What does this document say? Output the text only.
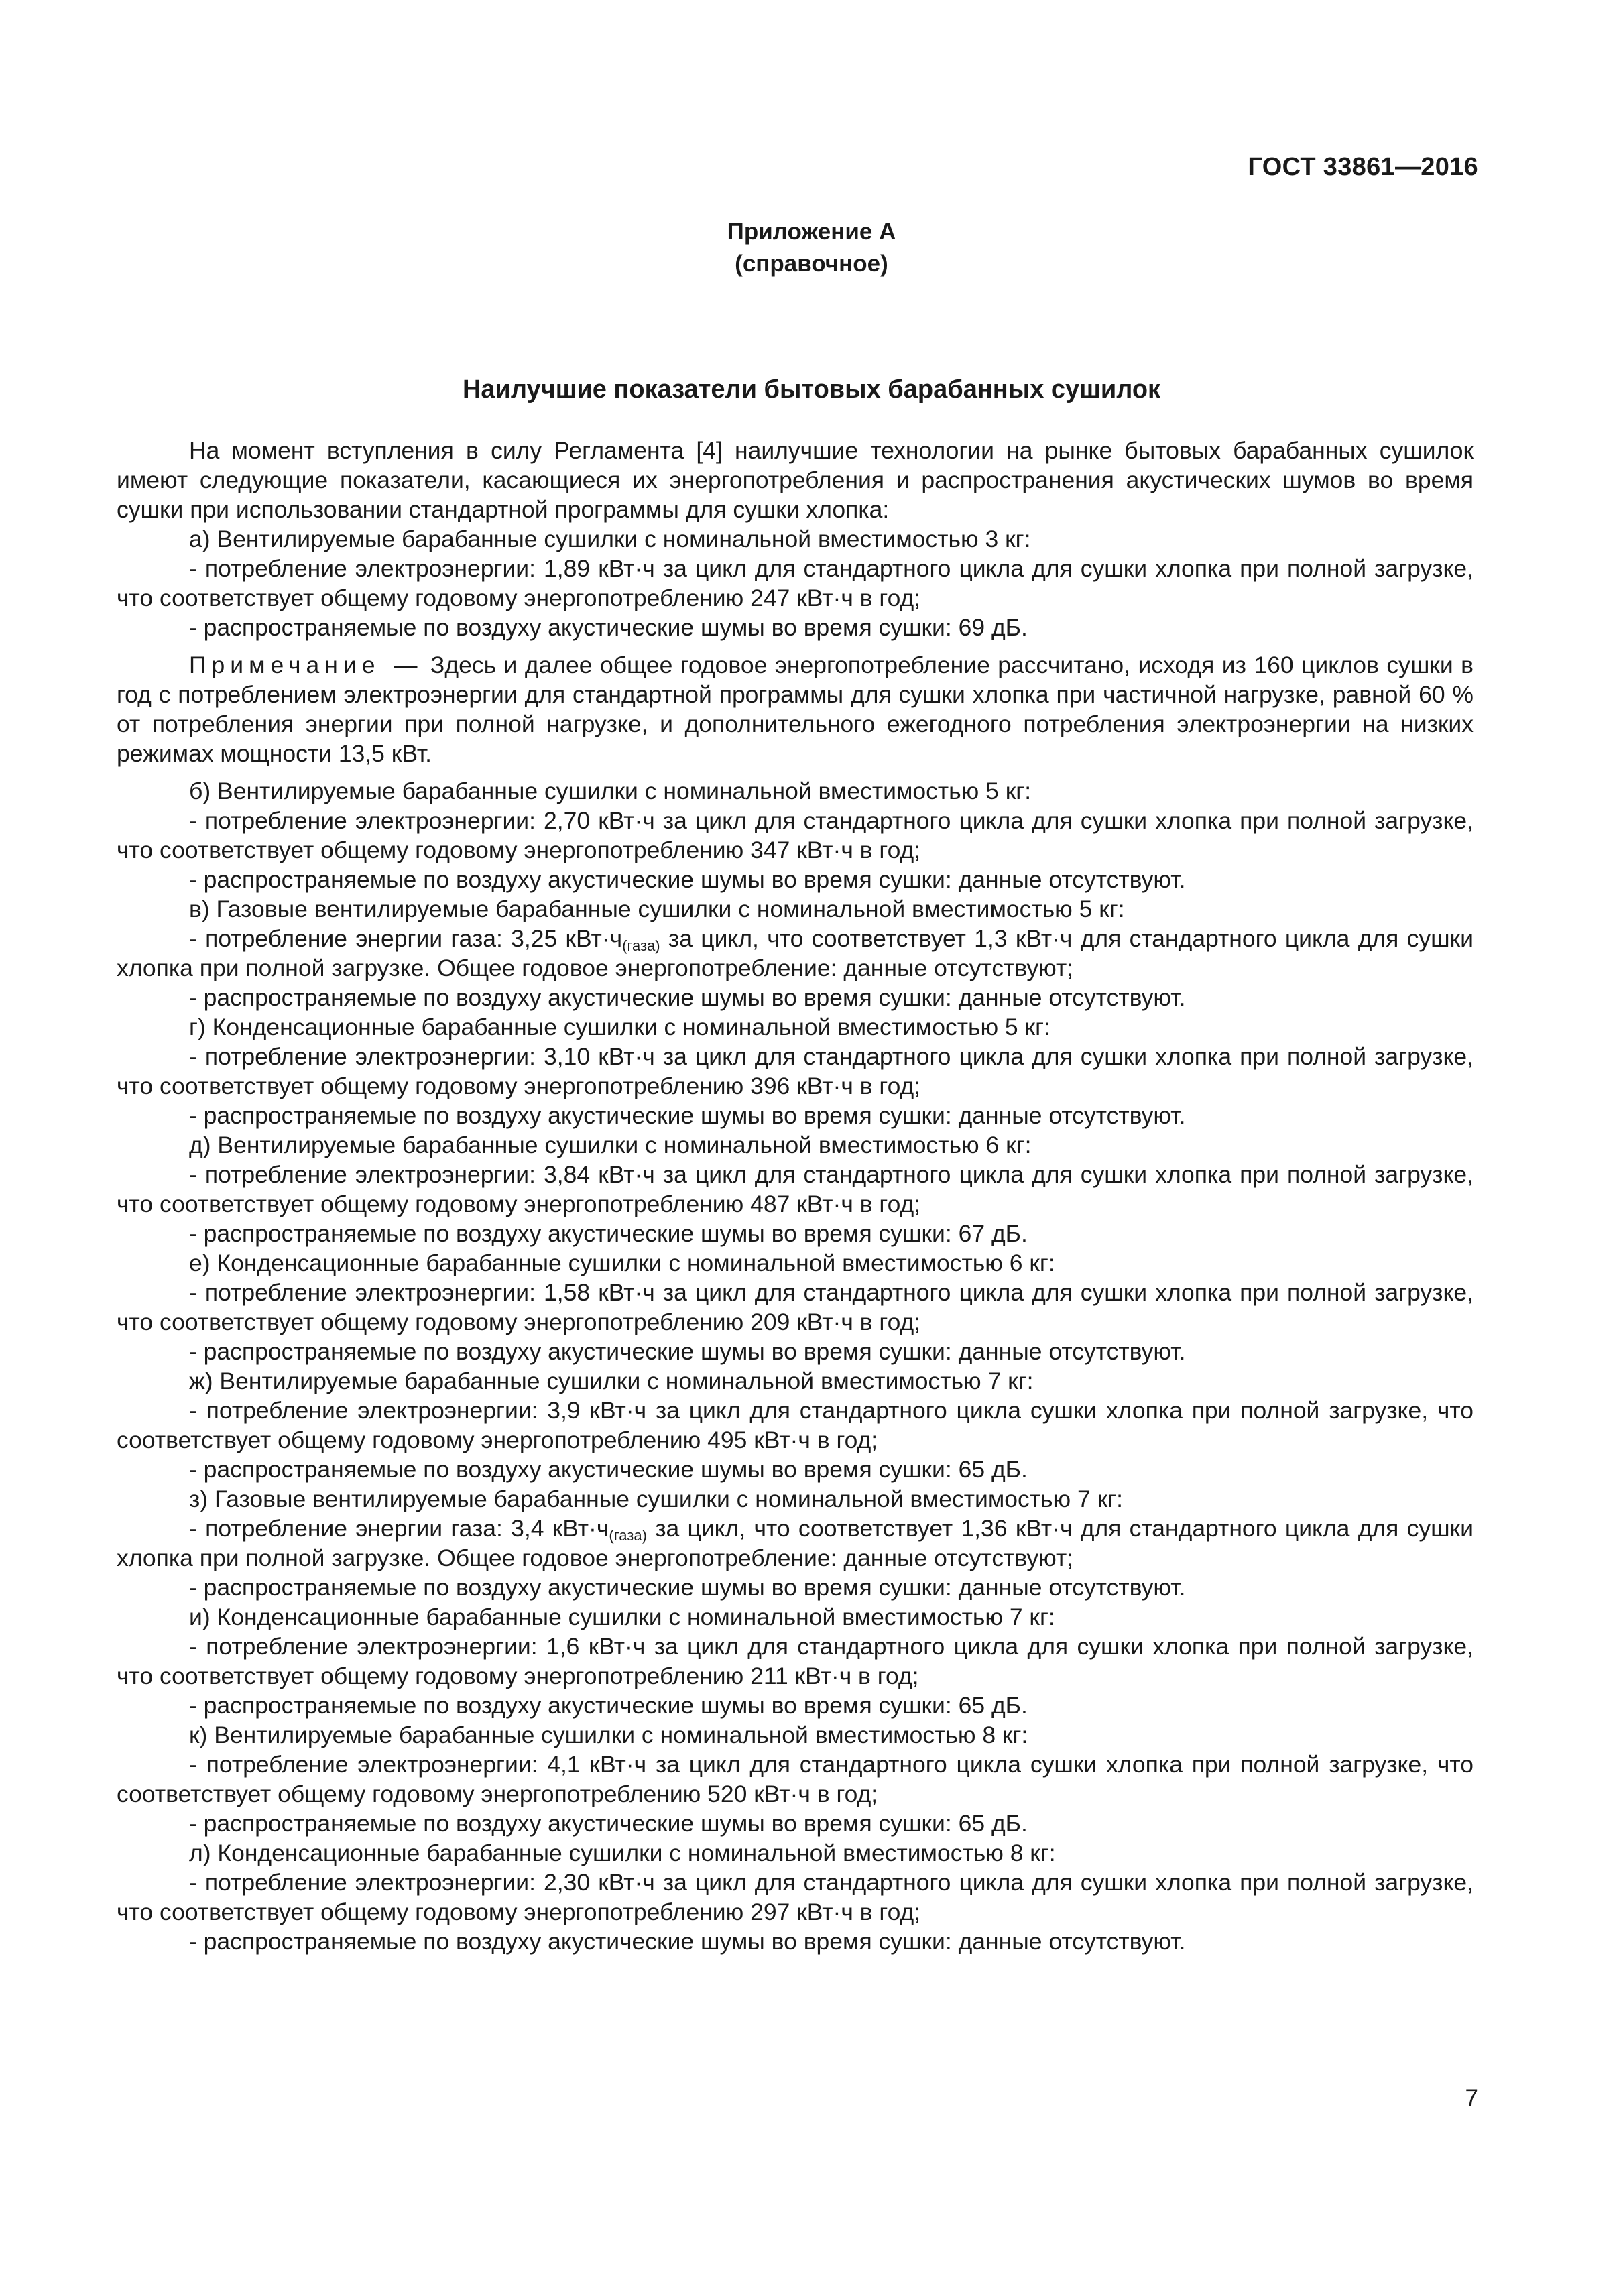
ГОСТ 33861—2016
Приложение А
(справочное)
Наилучшие показатели бытовых барабанных сушилок

На момент вступления в силу Регламента [4] наилучшие технологии на рынке бытовых барабанных сушилок имеют следующие показатели, касающиеся их энергопотребления и распространения акустических шумов во время сушки при использовании стандартной программы для сушки хлопка:

а) Вентилируемые барабанные сушилки с номинальной вместимостью 3 кг:

- потребление электроэнергии: 1,89 кВт·ч за цикл для стандартного цикла для сушки хлопка при полной загрузке, что соответствует общему годовому энергопотреблению 247 кВт·ч в год;

- распространяемые по воздуху акустические шумы во время сушки: 69 дБ.

Примечание — Здесь и далее общее годовое энергопотребление рассчитано, исходя из 160 циклов сушки в год с потреблением электроэнергии для стандартной программы для сушки хлопка при частичной нагрузке, равной 60 % от потребления энергии при полной нагрузке, и дополнительного ежегодного потребления электроэнергии на низких режимах мощности 13,5 кВт.

б) Вентилируемые барабанные сушилки с номинальной вместимостью 5 кг:

- потребление электроэнергии: 2,70 кВт·ч за цикл для стандартного цикла для сушки хлопка при полной загрузке, что соответствует общему годовому энергопотреблению 347 кВт·ч в год;

- распространяемые по воздуху акустические шумы во время сушки: данные отсутствуют.

в) Газовые вентилируемые барабанные сушилки с номинальной вместимостью 5 кг:

- потребление энергии газа: 3,25 $кВт\cdot ч_{(газа)}$ за цикл, что соответствует 1,3 кВт·ч для стандартного цикла для сушки хлопка при полной загрузке. Общее годовое энергопотребление: данные отсутствуют;

- распространяемые по воздуху акустические шумы во время сушки: данные отсутствуют.

г) Конденсационные барабанные сушилки с номинальной вместимостью 5 кг:

- потребление электроэнергии: 3,10 кВт·ч за цикл для стандартного цикла для сушки хлопка при полной загрузке, что соответствует общему годовому энергопотреблению 396 кВт·ч в год;

- распространяемые по воздуху акустические шумы во время сушки: данные отсутствуют.

д) Вентилируемые барабанные сушилки с номинальной вместимостью 6 кг:

- потребление электроэнергии: 3,84 кВт·ч за цикл для стандартного цикла для сушки хлопка при полной загрузке, что соответствует общему годовому энергопотреблению 487 кВт·ч в год;

- распространяемые по воздуху акустические шумы во время сушки: 67 дБ.

е) Конденсационные барабанные сушилки с номинальной вместимостью 6 кг:

- потребление электроэнергии: 1,58 кВт·ч за цикл для стандартного цикла для сушки хлопка при полной загрузке, что соответствует общему годовому энергопотреблению 209 кВт·ч в год;

- распространяемые по воздуху акустические шумы во время сушки: данные отсутствуют.

ж) Вентилируемые барабанные сушилки с номинальной вместимостью 7 кг:

- потребление электроэнергии: 3,9 кВт·ч за цикл для стандартного цикла сушки хлопка при полной загрузке, что соответствует общему годовому энергопотреблению 495 кВт·ч в год;

- распространяемые по воздуху акустические шумы во время сушки: 65 дБ.

з) Газовые вентилируемые барабанные сушилки с номинальной вместимостью 7 кг:

- потребление энергии газа: 3,4 $кВт\cdot ч_{(газа)}$ за цикл, что соответствует 1,36 кВт·ч для стандартного цикла для сушки хлопка при полной загрузке. Общее годовое энергопотребление: данные отсутствуют;

- распространяемые по воздуху акустические шумы во время сушки: данные отсутствуют.

и) Конденсационные барабанные сушилки с номинальной вместимостью 7 кг:

- потребление электроэнергии: 1,6 кВт·ч за цикл для стандартного цикла для сушки хлопка при полной загрузке, что соответствует общему годовому энергопотреблению 211 кВт·ч в год;

- распространяемые по воздуху акустические шумы во время сушки: 65 дБ.

к) Вентилируемые барабанные сушилки с номинальной вместимостью 8 кг:

- потребление электроэнергии: 4,1 кВт·ч за цикл для стандартного цикла сушки хлопка при полной загрузке, что соответствует общему годовому энергопотреблению 520 кВт·ч в год;

- распространяемые по воздуху акустические шумы во время сушки: 65 дБ.

л) Конденсационные барабанные сушилки с номинальной вместимостью 8 кг:

- потребление электроэнергии: 2,30 кВт·ч за цикл для стандартного цикла для сушки хлопка при полной загрузке, что соответствует общему годовому энергопотреблению 297 кВт·ч в год;

- распространяемые по воздуху акустические шумы во время сушки: данные отсутствуют.

7
